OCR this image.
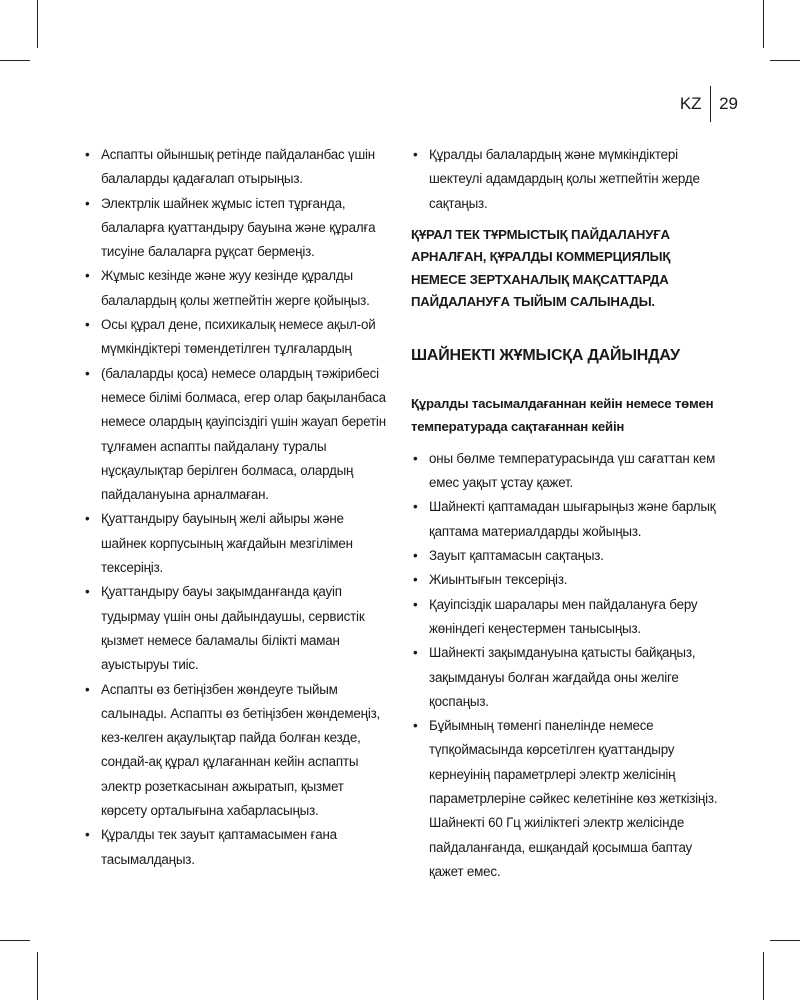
KZ 29
• Аспапты ойыншық ретінде пайдаланбас үшін балаларды қадағалап отырыңыз.
• Электрлік шайнек жұмыс істеп тұрғанда, балаларға қуаттандыру бауына және құралға тисуіне балаларға рұқсат бермеңіз.
• Жұмыс кезінде және жуу кезінде құралды балалардың қолы жетпейтін жерге қойыңыз.
• Осы құрал дене, психикалық немесе ақыл-ой мүмкіндіктері төмендетілген тұлғалардың
• (балаларды қоса) немесе олардың тәжірибесі немесе білімі болмаса, егер олар бақыланбаса немесе олардың қауіпсіздігі үшін жауап беретін тұлғамен аспапты пайдалану туралы нұсқаулықтар берілген болмаса, олардың пайдалануына арналмаған.
• Қуаттандыру бауының желі айыры және шайнек корпусының жағдайын мезгілімен тексеріңіз.
• Қуаттандыру бауы зақымданғанда қауіп тудырмау үшін оны дайындаушы, сервистік қызмет немесе баламалы білікті маман ауыстыруы тиіс.
• Аспапты өз бетіңізбен жөндеуге тыйым салынады. Аспапты өз бетіңізбен жөндемеңіз, кез-келген ақаулықтар пайда болған кезде, сондай-ақ құрал құлағаннан кейін аспапты электр розеткасынан ажыратып, қызмет көрсету орталығына хабарласыңыз.
• Құралды тек зауыт қаптамасымен ғана тасымалдаңыз.
• Құралды балалардың және мүмкіндіктері шектеулі адамдардың қолы жетпейтін жерде сақтаңыз.

ҚҰРАЛ ТЕК ТҰРМЫСТЫҚ ПАЙДАЛАНУҒА АРНАЛҒАН, ҚҰРАЛДЫ КОММЕРЦИЯЛЫҚ НЕМЕСЕ ЗЕРТХАНАЛЫҚ МАҚСАТТАРДА ПАЙДАЛАНУҒА ТЫЙЫМ САЛЫНАДЫ.

ШАЙНЕКТІ ЖҰМЫСҚА ДАЙЫНДАУ

Құралды тасымалдағаннан кейін немесе төмен температурада сақтағаннан кейін

• оны бөлме температурасында үш сағаттан кем емес уақыт ұстау қажет.
• Шайнекті қаптамадан шығарыңыз және барлық қаптама материалдарды жойыңыз.
• Зауыт қаптамасын сақтаңыз.
• Жиынтығын тексеріңіз.
• Қауіпсіздік шаралары мен пайдалануға беру жөніндегі кеңестермен танысыңыз.
• Шайнекті зақымдануына қатысты байқаңыз, зақымдануы болған жағдайда оны желіге қоспаңыз.
• Бұйымның төменгі панелінде немесе түпқоймасында көрсетілген қуаттандыру кернеуінің параметрлері электр желісінің параметрлеріне сәйкес келетініне көз жеткізіңіз. Шайнекті 60 Гц жиіліктегі электр желісінде пайдаланғанда, ешқандай қосымша баптау қажет емес.
